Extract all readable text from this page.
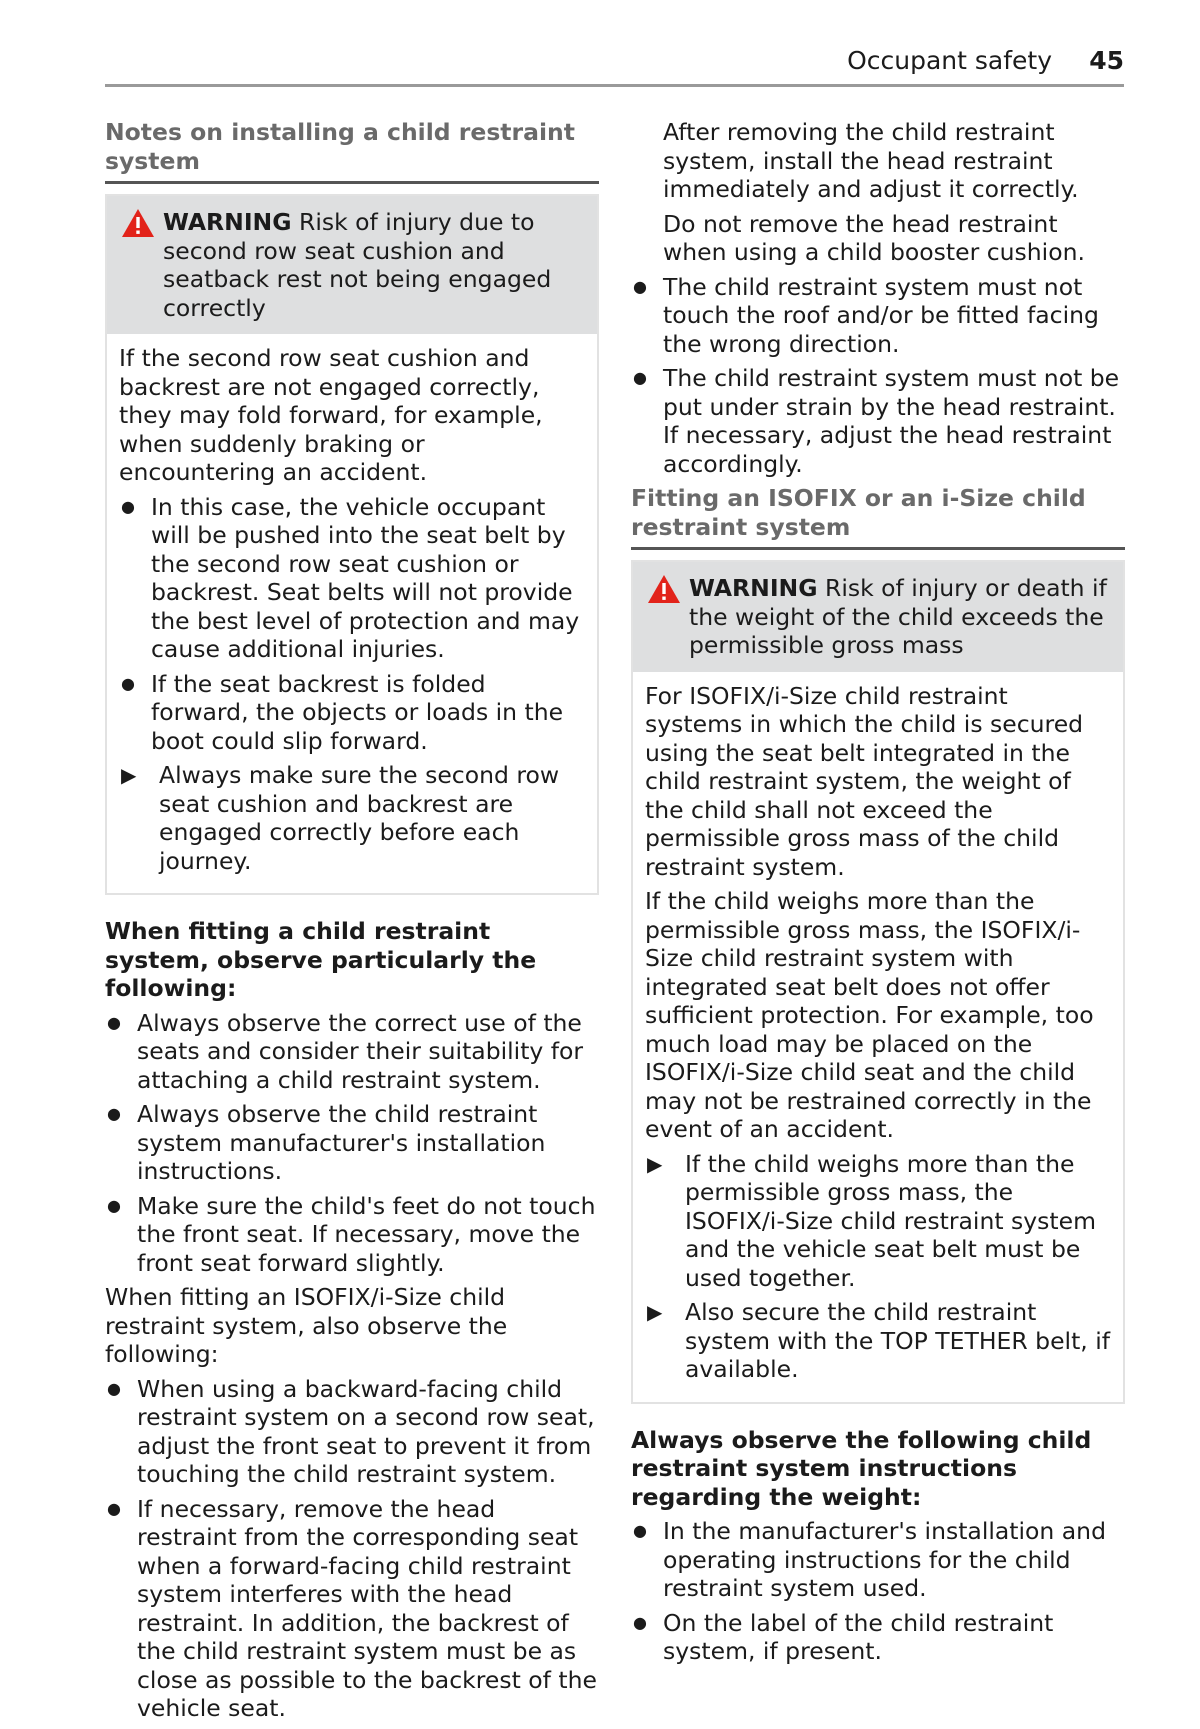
Occupant safety 45
Notes on installing a child restraint system
WARNING Risk of injury due to second row seat cushion and seatback rest not being engaged correctly

If the second row seat cushion and backrest are not engaged correctly, they may fold forward, for example, when suddenly braking or encountering an accident.

● In this case, the vehicle occupant will be pushed into the seat belt by the second row seat cushion or backrest. Seat belts will not provide the best level of protection and may cause additional injuries.
● If the seat backrest is folded forward, the objects or loads in the boot could slip forward.
▶ Always make sure the second row seat cushion and backrest are engaged correctly before each journey.

When fitting a child restraint system, observe particularly the following:

● Always observe the correct use of the seats and consider their suitability for attaching a child restraint system.
● Always observe the child restraint system manufacturer's installation instructions.
● Make sure the child's feet do not touch the front seat. If necessary, move the front seat forward slightly.

When fitting an ISOFIX/i-Size child restraint system, also observe the following:

● When using a backward-facing child restraint system on a second row seat, adjust the front seat to prevent it from touching the child restraint system.
● If necessary, remove the head restraint from the corresponding seat when a forward-facing child restraint system interferes with the head restraint. In addition, the backrest of the child restraint system must be as close as possible to the backrest of the vehicle seat.
After removing the child restraint system, install the head restraint immediately and adjust it correctly.
Do not remove the head restraint when using a child booster cushion.
● The child restraint system must not touch the roof and/or be fitted facing the wrong direction.
● The child restraint system must not be put under strain by the head restraint. If necessary, adjust the head restraint accordingly.
Fitting an ISOFIX or an i-Size child restraint system
WARNING Risk of injury or death if the weight of the child exceeds the permissible gross mass

For ISOFIX/i-Size child restraint systems in which the child is secured using the seat belt integrated in the child restraint system, the weight of the child shall not exceed the permissible gross mass of the child restraint system.

If the child weighs more than the permissible gross mass, the ISOFIX/i-Size child restraint system with integrated seat belt does not offer sufficient protection. For example, too much load may be placed on the ISOFIX/i-Size child seat and the child may not be restrained correctly in the event of an accident.

▶ If the child weighs more than the permissible gross mass, the ISOFIX/i-Size child restraint system and the vehicle seat belt must be used together.
▶ Also secure the child restraint system with the TOP TETHER belt, if available.

Always observe the following child restraint system instructions regarding the weight:

● In the manufacturer's installation and operating instructions for the child restraint system used.
● On the label of the child restraint system, if present.
